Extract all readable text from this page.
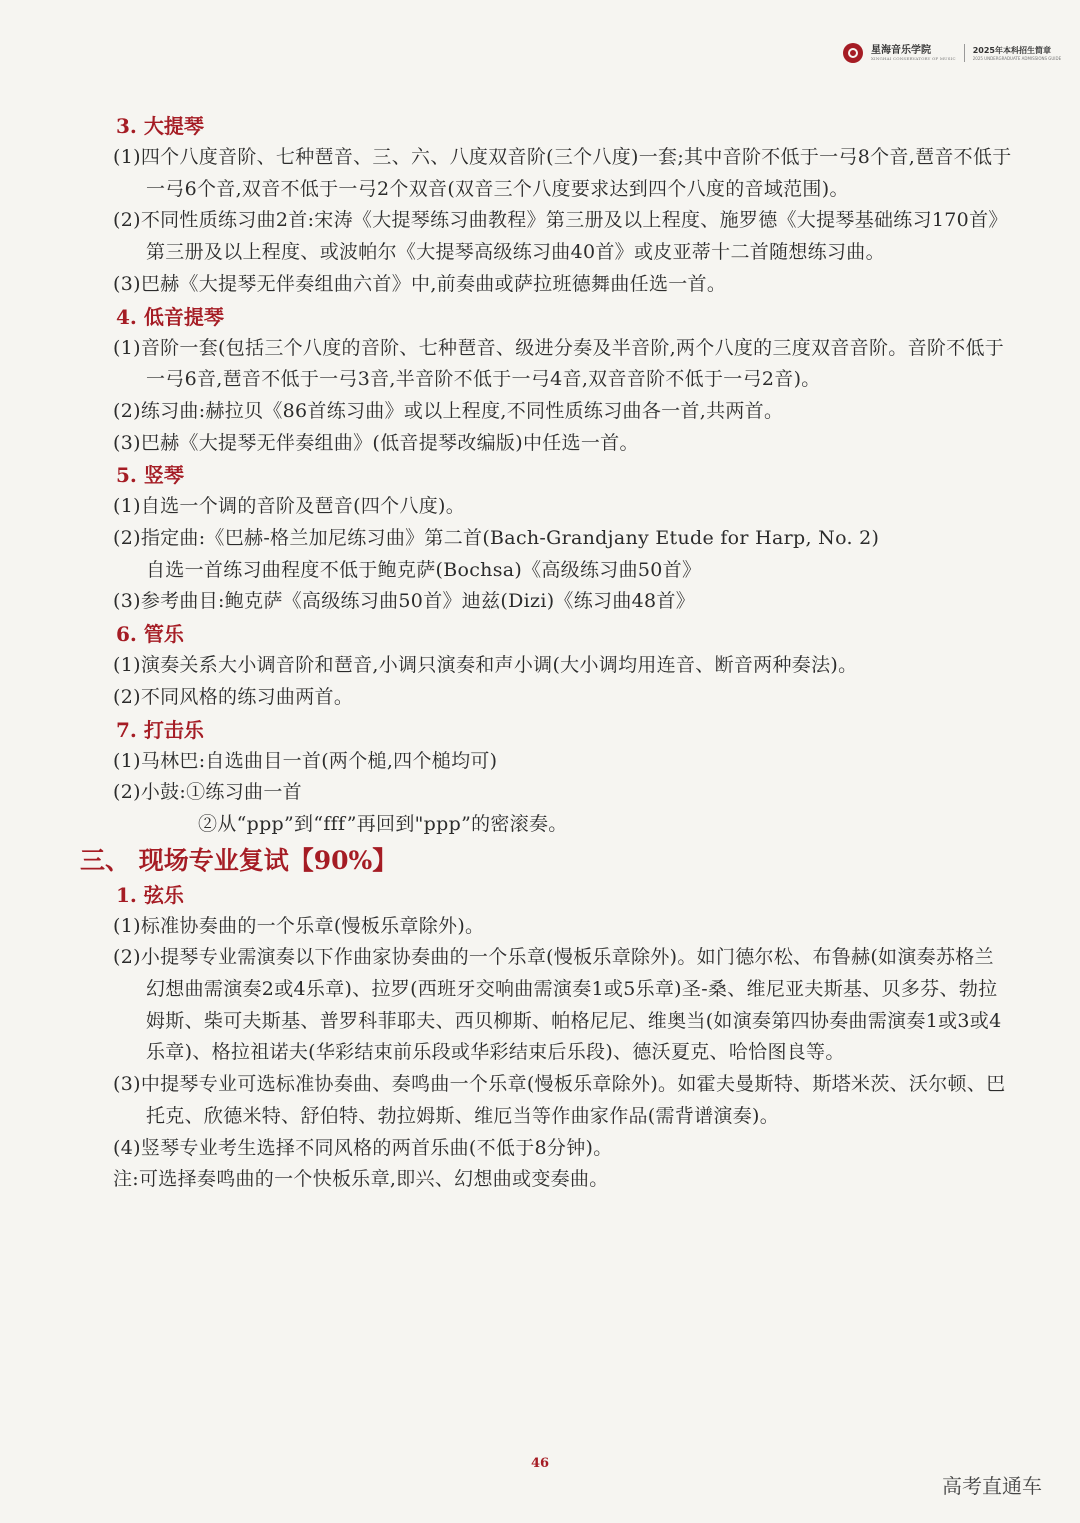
星海音乐学院
XINGHAI CONSERVATORY OF MUSIC
2025年本科招生简章
2025 UNDERGRADUATE ADMISSIONS GUIDE
3. 大提琴
(1)四个八度音阶、七种琶音、三、六、八度双音阶(三个八度)一套;其中音阶不低于一弓8个音,琶音不低于一弓6个音,双音不低于一弓2个双音(双音三个八度要求达到四个八度的音域范围)。
(2)不同性质练习曲2首:宋涛《大提琴练习曲教程》第三册及以上程度、施罗德《大提琴基础练习170首》第三册及以上程度、或波帕尔《大提琴高级练习曲40首》或皮亚蒂十二首随想练习曲。
(3)巴赫《大提琴无伴奏组曲六首》中,前奏曲或萨拉班德舞曲任选一首。
4. 低音提琴
(1)音阶一套(包括三个八度的音阶、七种琶音、级进分奏及半音阶,两个八度的三度双音音阶。音阶不低于一弓6音,琶音不低于一弓3音,半音阶不低于一弓4音,双音音阶不低于一弓2音)。
(2)练习曲:赫拉贝《86首练习曲》或以上程度,不同性质练习曲各一首,共两首。
(3)巴赫《大提琴无伴奏组曲》(低音提琴改编版)中任选一首。
5. 竖琴
(1)自选一个调的音阶及琶音(四个八度)。
(2)指定曲:《巴赫-格兰加尼练习曲》第二首(Bach-Grandjany Etude for Harp, No. 2)
自选一首练习曲程度不低于鲍克萨(Bochsa)《高级练习曲50首》
(3)参考曲目:鲍克萨《高级练习曲50首》迪兹(Dizi)《练习曲48首》
6. 管乐
(1)演奏关系大小调音阶和琶音,小调只演奏和声小调(大小调均用连音、断音两种奏法)。
(2)不同风格的练习曲两首。
7. 打击乐
(1)马林巴:自选曲目一首(两个槌,四个槌均可)
(2)小鼓:①练习曲一首
②从“ppp”到“fff”再回到"ppp”的密滚奏。
三、 现场专业复试【90%】
1. 弦乐
(1)标准协奏曲的一个乐章(慢板乐章除外)。
(2)小提琴专业需演奏以下作曲家协奏曲的一个乐章(慢板乐章除外)。如门德尔松、布鲁赫(如演奏苏格兰幻想曲需演奏2或4乐章)、拉罗(西班牙交响曲需演奏1或5乐章)圣-桑、维尼亚夫斯基、贝多芬、勃拉姆斯、柴可夫斯基、普罗科菲耶夫、西贝柳斯、帕格尼尼、维奥当(如演奏第四协奏曲需演奏1或3或4乐章)、格拉祖诺夫(华彩结束前乐段或华彩结束后乐段)、德沃夏克、哈恰图良等。
(3)中提琴专业可选标准协奏曲、奏鸣曲一个乐章(慢板乐章除外)。如霍夫曼斯特、斯塔米茨、沃尔顿、巴托克、欣德米特、舒伯特、勃拉姆斯、维厄当等作曲家作品(需背谱演奏)。
(4)竖琴专业考生选择不同风格的两首乐曲(不低于8分钟)。
注:可选择奏鸣曲的一个快板乐章,即兴、幻想曲或变奏曲。
46
高考直通车
